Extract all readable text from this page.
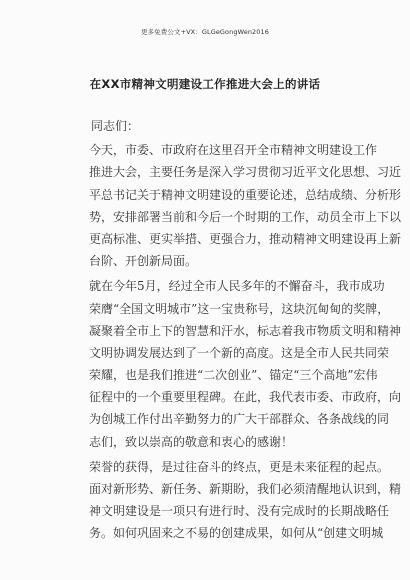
更多免费公文+VX：GLGeGongWen2016
在XX市精神文明建设工作推进大会上的讲话
同志们：
今天，市委、市政府在这里召开全市精神文明建设工作
推进大会，主要任务是深入学习贯彻习近平文化思想、习近
平总书记关于精神文明建设的重要论述，总结成绩、分析形
势，安排部署当前和今后一个时期的工作，动员全市上下以
更高标准、更实举措、更强合力，推动精神文明建设再上新
台阶、开创新局面。
就在今年5月，经过全市人民多年的不懈奋斗，我市成功
荣膺“全国文明城市”这一宝贵称号，这块沉甸甸的奖牌，
凝聚着全市上下的智慧和汗水，标志着我市物质文明和精神
文明协调发展达到了一个新的高度。这是全市人民共同荣
荣耀，也是我们推进“二次创业”、锚定“三个高地”宏伟
征程中的一个重要里程碑。在此，我代表市委、市政府，向
为创城工作付出辛勤努力的广大干部群众、各条战线的同
志们，致以崇高的敬意和衷心的感谢！
荣誉的获得，是过往奋斗的终点，更是未来征程的起点。
面对新形势、新任务、新期盼，我们必须清醒地认识到，精
神文明建设是一项只有进行时、没有完成时的长期战略任
务。如何巩固来之不易的创建成果，如何从“创建文明城
